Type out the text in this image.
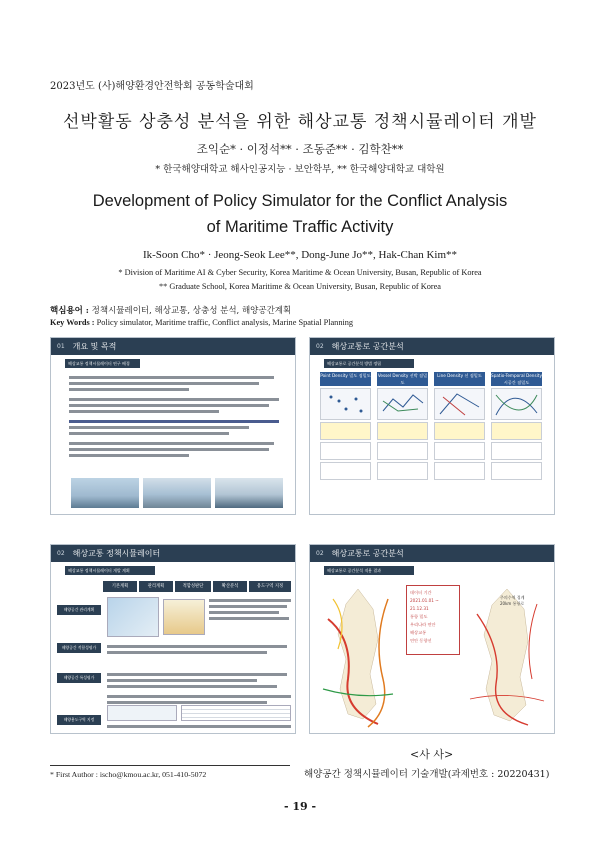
2023년도 (사)해양환경안전학회 공동학술대회
선박활동 상충성 분석을 위한 해상교통 정책시뮬레이터 개발
조익순* · 이정석** · 조동준** · 김학찬**
* 한국해양대학교 해사인공지능 · 보안학부, ** 한국해양대학교 대학원
Development of Policy Simulator for the Conflict Analysis
of Maritime Traffic Activity
Ik-Soon Cho* · Jeong-Seok Lee**, Dong-June Jo**, Hak-Chan Kim**
* Division of Maritime AI & Cyber Security, Korea Maritime & Ocean University, Busan, Republic of Korea
** Graduate School, Korea Maritime & Ocean University, Busan, Republic of Korea
핵심용어 : 정책시뮬레이터, 해상교통, 상충성 분석, 해양공간계획
Key Words : Policy simulator, Maritime traffic, Conflict analysis, Marine Spatial Planning
01 개요 및 목적
해상교통 정책시뮬레이터 연구 배경
02 해상교통로 공간분석
해상교통로 공간분석 방법 정립
Point Density 밀도 점밀도 Vessel Density 선박 점밀도
Line Density 선 점밀도	Spatio-Temporal Density 시공간 점밀도
02 해상교통 정책시뮬레이터
해상교통 정책시뮬레이터 개발 계획
기본계획	관리계획	적합성판단	확산분석	용도구역 지정
해양공간 관리계획
해양공간 적합성평가
해양공간 특성평가
해양용도구역 지정
02 해상교통로 공간분석
해상교통로 공간분석 적용 결과
데이터 기간
2021.01.01 ~
21.12.31
통항 밀도
우리나라 연안
해상교통
연안 동향선
주의수역 경계
20km 통항로
<사 사>
해양공간 정책시뮬레이터 기술개발(과제번호 : 20220431)
* First Author : ischo@kmou.ac.kr, 051-410-5072
- 19 -
